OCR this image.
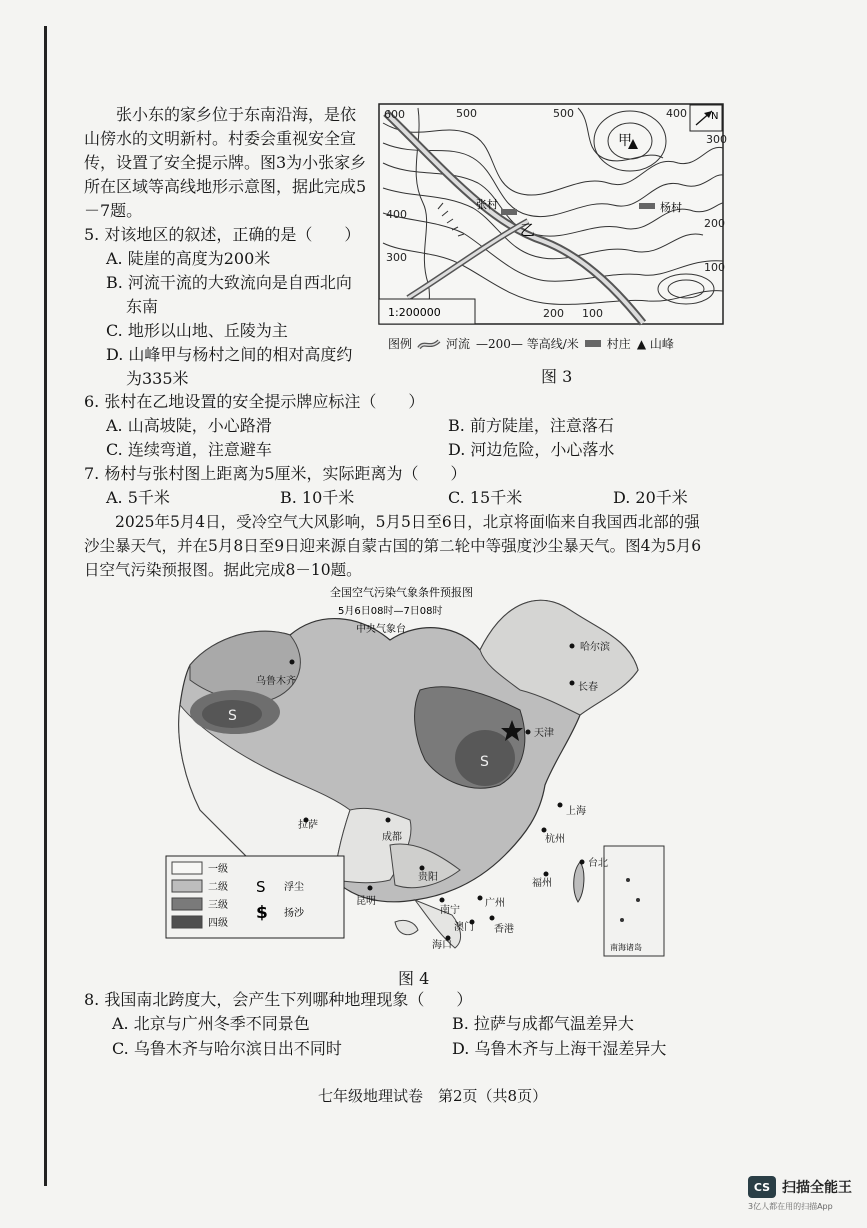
张小东的家乡位于东南沿海，是依山傍水的文明新村。村委会重视安全宣传，设置了安全提示牌。图3为小张家乡所在区域等高线地形示意图，据此完成5－7题。
5. 对该地区的叙述，正确的是（　　）
A. 陡崖的高度为200米
B. 河流干流的大致流向是自西北向
东南
C. 地形以山地、丘陵为主
D. 山峰甲与杨村之间的相对高度约
为335米
甲
张村
乙
杨村
600	500	500	400
300
400
300
200
100
200 100
N
1:200000
图例	河流 —200— 等高线/米 村庄 ▲ 山峰
图 3
6. 张村在乙地设置的安全提示牌应标注（　　）
A. 山高坡陡，小心路滑	B. 前方陡崖，注意落石
C. 连续弯道，注意避车	D. 河边危险，小心落水
7. 杨村与张村图上距离为5厘米，实际距离为（　　）
A. 5千米	B. 10千米	C. 15千米	D. 20千米
2025年5月4日，受冷空气大风影响，5月5日至6日，北京将面临来自我国西北部的强沙尘暴天气，并在5月8日至9日迎来源自蒙古国的第二轮中等强度沙尘暴天气。图4为5月6日空气污染预报图。据此完成8－10题。
南海诸岛
全国空气污染气象条件预报图
5月6日08时—7日08时
中央气象台
S
S
哈尔滨
长春
乌鲁木齐
天津
上海
杭州
成都
拉萨
昆明
贵阳
南宁
广州
福州
台北
香港
澳门
海口
一级
二级
三级
四级
S
$
浮尘
扬沙
图 4
8. 我国南北跨度大，会产生下列哪种地理现象（　　）
A. 北京与广州冬季不同景色	B. 拉萨与成都气温差异大
C. 乌鲁木齐与哈尔滨日出不同时	D. 乌鲁木齐与上海干湿差异大
七年级地理试卷　第2页（共8页）
CS 扫描全能王
3亿人都在用的扫描App
